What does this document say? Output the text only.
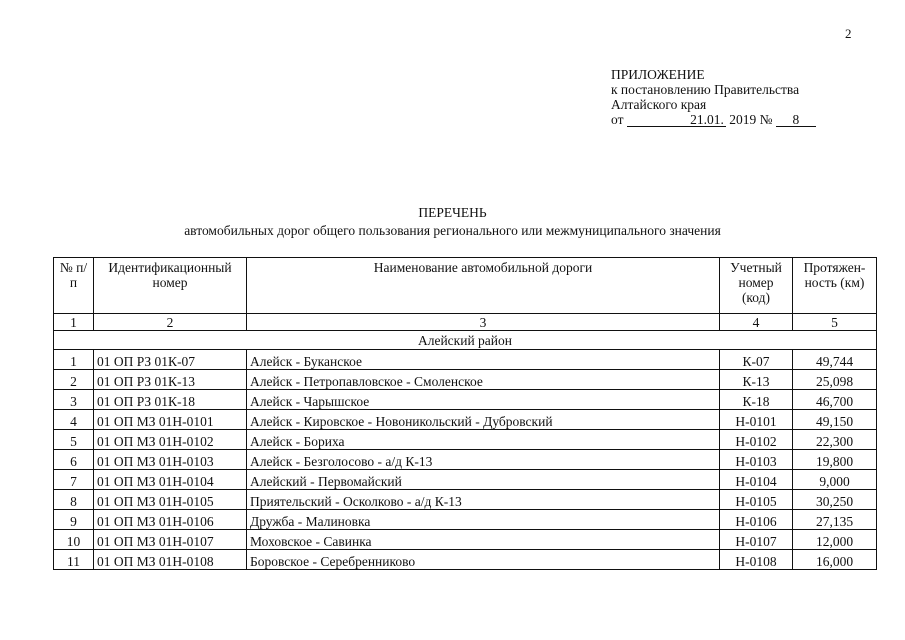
2
ПРИЛОЖЕНИЕ
к постановлению Правительства
Алтайского края
от	21.01. 2019 № 8
ПЕРЕЧЕНЬ
автомобильных дорог общего пользования регионального или межмуниципального значения
№ п/п	Идентификационный номер	Наименование автомобильной дороги	Учетный номер (код)	Протяжен-ность (км)
1	2	3	4	5
Алейский район				
1	01 ОП РЗ 01К-07	Алейск - Буканское	К-07	49,744
2	01 ОП РЗ 01К-13	Алейск - Петропавловское - Смоленское	К-13	25,098
3	01 ОП РЗ 01К-18	Алейск - Чарышское	К-18	46,700
4	01 ОП МЗ 01Н-0101	Алейск - Кировское - Новоникольский - Дубровский	Н-0101	49,150
5	01 ОП МЗ 01Н-0102	Алейск - Бориха	Н-0102	22,300
6	01 ОП МЗ 01Н-0103	Алейск - Безголосово - а/д К-13	Н-0103	19,800
7	01 ОП МЗ 01Н-0104	Алейский - Первомайский	Н-0104	9,000
8	01 ОП МЗ 01Н-0105	Приятельский - Осколково - а/д К-13	Н-0105	30,250
9	01 ОП МЗ 01Н-0106	Дружба - Малиновка	Н-0106	27,135
10	01 ОП МЗ 01Н-0107	Моховское - Савинка	Н-0107	12,000
11	01 ОП МЗ 01Н-0108	Боровское - Серебренниково	Н-0108	16,000
